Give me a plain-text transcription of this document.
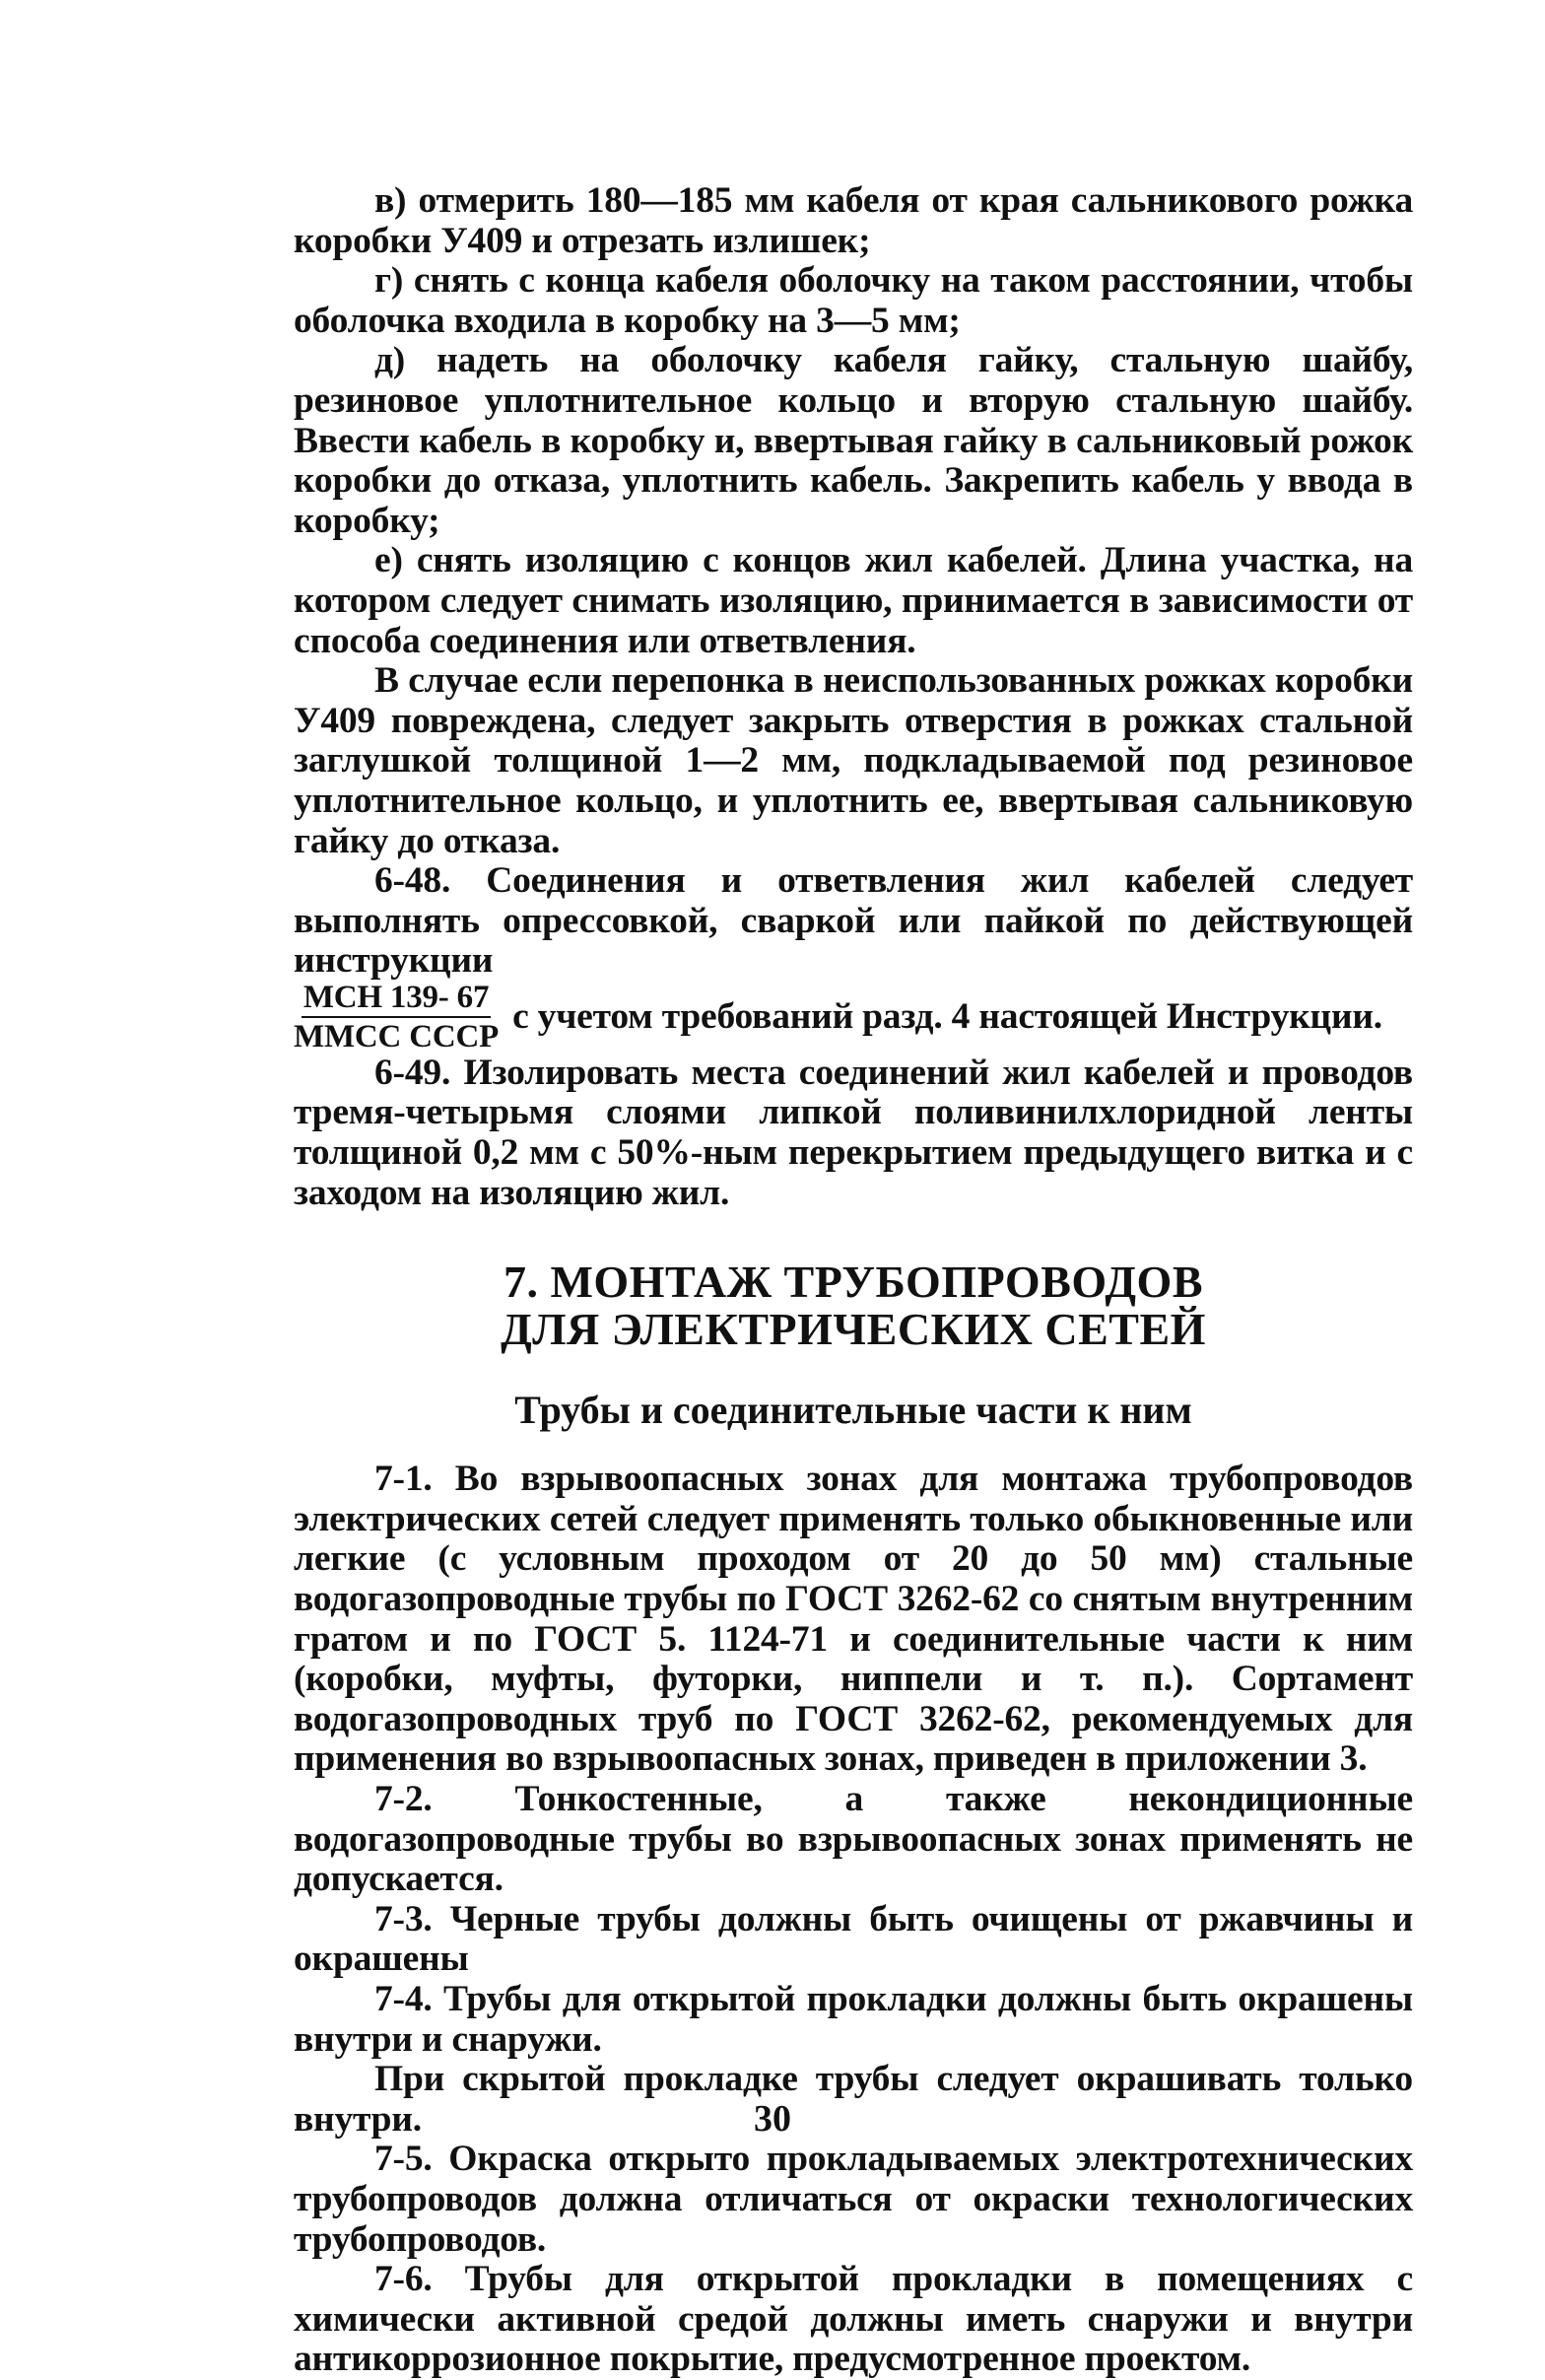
в) отмерить 180—185 мм кабеля от края сальникового рожка коробки У409 и отрезать излишек;

г) снять с конца кабеля оболочку на таком расстоянии, чтобы оболочка входила в коробку на 3—5 мм;

д) надеть на оболочку кабеля гайку, стальную шайбу, резиновое уплотнительное кольцо и вторую стальную шайбу. Ввести кабель в коробку и, ввертывая гайку в сальниковый рожок коробки до отказа, уплотнить кабель. Закрепить кабель у ввода в коробку;

е) снять изоляцию с концов жил кабелей. Длина участка, на котором следует снимать изоляцию, принимается в зависимости от способа соединения или ответвления.

В случае если перепонка в неиспользованных рожках коробки У409 повреждена, следует закрыть отверстия в рожках стальной заглушкой толщиной 1—2 мм, подкладываемой под резиновое уплотнительное кольцо, и уплотнить ее, ввертывая сальниковую гайку до отказа.

6-48. Соединения и ответвления жил кабелей следует выполнять опрессовкой, сваркой или пайкой по действующей инструкции

$\frac{\text{МСН 139- 67}}{\text{ММСС СССР}}$ с учетом требований разд. 4 настоящей Инструкции.

6-49. Изолировать места соединений жил кабелей и проводов тремя-четырьмя слоями липкой поливинилхлоридной ленты толщиной 0,2 мм с 50%-ным перекрытием предыдущего витка и с заходом на изоляцию жил.

7. МОНТАЖ ТРУБОПРОВОДОВ
ДЛЯ ЭЛЕКТРИЧЕСКИХ СЕТЕЙ
Трубы и соединительные части к ним

7-1. Во взрывоопасных зонах для монтажа трубопроводов электрических сетей следует применять только обыкновенные или легкие (с условным проходом от 20 до 50 мм) стальные водогазопроводные трубы по ГОСТ 3262-62 со снятым внутренним гратом и по ГОСТ 5. 1124-71 и соединительные части к ним (коробки, муфты, футорки, ниппели и т. п.). Сортамент водогазопроводных труб по ГОСТ 3262-62, рекомендуемых для применения во взрывоопасных зонах, приведен в приложении 3.

7-2. Тонкостенные, а также некондиционные водогазопроводные трубы во взрывоопасных зонах применять не допускается.

7-3. Черные трубы должны быть очищены от ржавчины и окрашены

7-4. Трубы для открытой прокладки должны быть окрашены внутри и снаружи.

При скрытой прокладке трубы следует окрашивать только внутри.

7-5. Окраска открыто прокладываемых электротехнических трубопроводов должна отличаться от окраски технологических трубопроводов.

7-6. Трубы для открытой прокладки в помещениях с химически активной средой должны иметь снаружи и внутри антикоррозионное покрытие, предусмотренное проектом.

30
